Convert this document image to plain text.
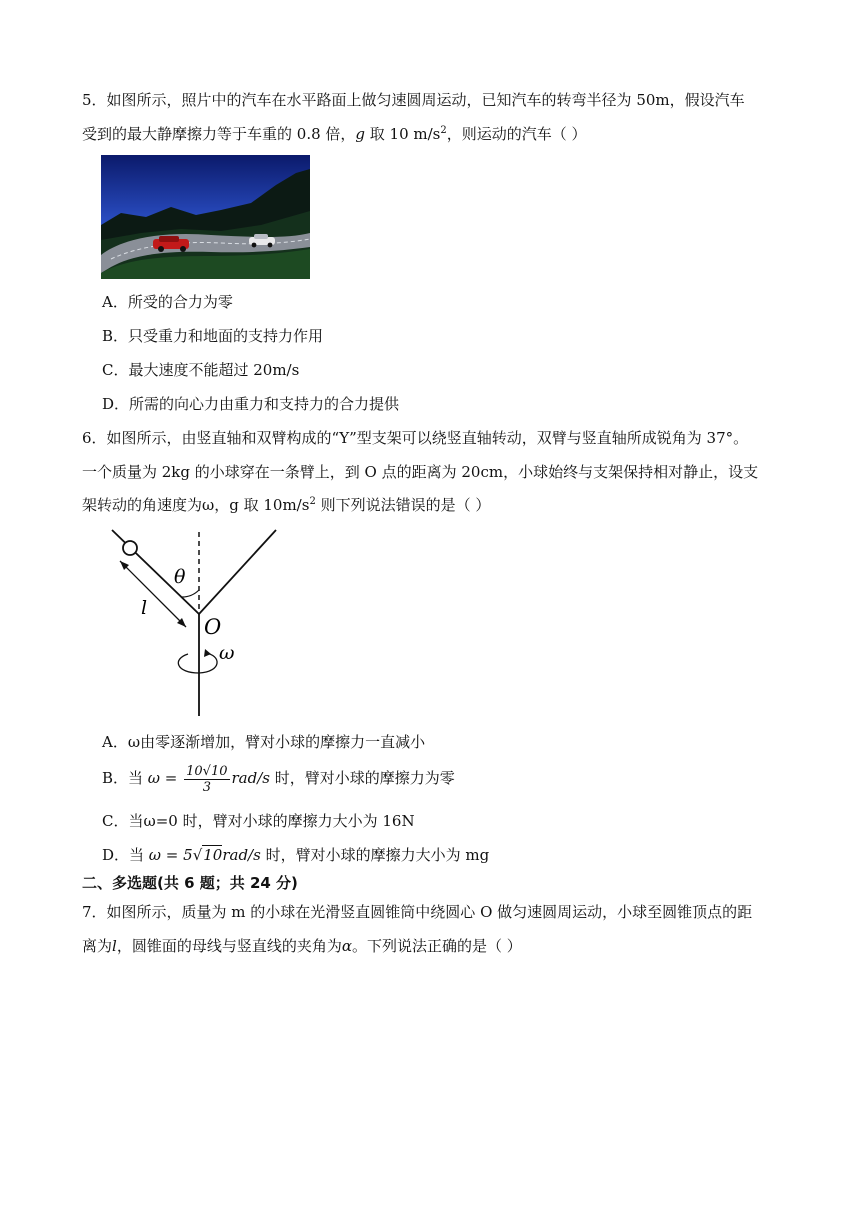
5．如图所示，照片中的汽车在水平路面上做匀速圆周运动，已知汽车的转弯半径为 50m，假设汽车
受到的最大静摩擦力等于车重的 0.8 倍，g 取 10 $m/s^2$，则运动的汽车（ ）
A．所受的合力为零
B．只受重力和地面的支持力作用
C．最大速度不能超过 20m/s
D．所需的向心力由重力和支持力的合力提供
6．如图所示，由竖直轴和双臂构成的“Y”型支架可以绕竖直轴转动，双臂与竖直轴所成锐角为 37°。
一个质量为 2kg 的小球穿在一条臂上，到 O 点的距离为 20cm，小球始终与支架保持相对静止，设支
架转动的角速度为ω，g 取 $10m/s^2$ 则下列说法错误的是（ ）
θ
l
O
ω
A．ω由零逐渐增加，臂对小球的摩擦力一直减小
B．当 $\omega = \frac{10√10}{3} rad/s$ 时，臂对小球的摩擦力为零
C．当ω=0 时，臂对小球的摩擦力大小为 16N
D．当 ω = 5√10rad/s 时，臂对小球的摩擦力大小为 mg
二、多选题(共 6 题；共 24 分)
7．如图所示，质量为 m 的小球在光滑竖直圆锥筒中绕圆心 O 做匀速圆周运动，小球至圆锥顶点的距
离为l，圆锥面的母线与竖直线的夹角为α。下列说法正确的是（ ）
